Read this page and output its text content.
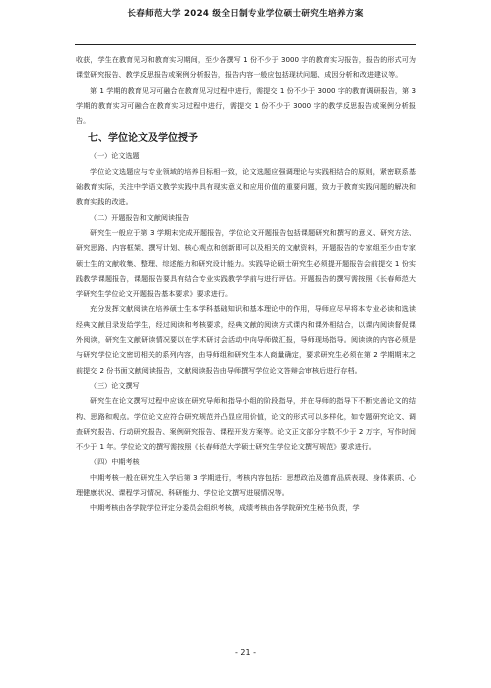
长春师范大学 2024 级全日制专业学位硕士研究生培养方案

收获，学生在教育见习和教育实习期间，至少各撰写 1 份不少于 3000 字的教育实习报告，报告的形式可为课堂研究报告、教学反思报告或案例分析报告，报告内容一般应包括现状问题、成因分析和改进建议等。

第 1 学期的教育见习可融合在教育见习过程中进行，需提交 1 份不少于 3000 字的教育调研报告，第 3 学期的教育实习可融合在教育实习过程中进行，需提交 1 份不少于 3000 字的教学反思报告或案例分析报告。

七、学位论文及学位授予
（一）论文选题

学位论文选题应与专业领域的培养目标相一致，论文选题应强调理论与实践相结合的原则，紧密联系基础教育实际，关注中学语文教学实践中具有现实意义和应用价值的重要问题，致力于教育实践问题的解决和教育实践的改进。

（二）开题报告和文献阅读报告

研究生一般应于第 3 学期末完成开题报告，学位论文开题报告包括课题研究和撰写的意义、研究方法、研究思路、内容框架、撰写计划、核心观点和创新即可以及相关的文献资料，开题报告的专家组至少由专家硕士生的文献收集、整理、综述能力和研究设计能力。实践导论硕士研究生必须提开题报告会前提交 1 份实践教学课题报告，课题报告要具有结合专业实践教学学前与进行评估。开题报告的撰写需按照《长春师范大学研究生学位论文开题报告基本要求》要求进行。

充分发挥文献阅读在培养硕士生本学科基础知识和基本理论中的作用，导师应尽早将本专业必读和选读经典文献目录发给学生，经过阅读和考核要求，经典文献的阅读方式课内和课外相结合，以课内阅读督促课外阅读，研究生文献研读情况要以在学术研讨会活动中向导师做汇报，导师现场指导。阅读读的内容必须是与研究学位论文密切相关的系列内容，由导师组和研究生本人商量确定，要求研究生必须在第 2 学期期末之前提交 2 份书面文献阅读报告，文献阅读报告由导师撰写学位论文答辩会审核后进行存档。

（三）论文撰写

研究生在论文撰写过程中应该在研究导师和指导小组的阶段指导，并在导师的指导下不断完善论文的结构、思路和观点。学位论文应符合研究规范并凸显应用价值，论文的形式可以多样化，如专题研究论文、调查研究报告、行动研究报告、案例研究报告、课程开发方案等。论文正文部分字数不少于 2 万字，写作时间不少于 1 年。学位论文的撰写需按照《长春师范大学硕士研究生学位论文撰写规范》要求进行。

（四）中期考核

中期考核一般在研究生入学后第 3 学期进行，考核内容包括：思想政治及德育品质表现、身体素质、心理健康状况、课程学习情况、科研能力、学位论文撰写进展情况等。

中期考核由各学院学位评定分委员会组织考核，成绩考核由各学院研究生秘书负责，学

- 21 -
